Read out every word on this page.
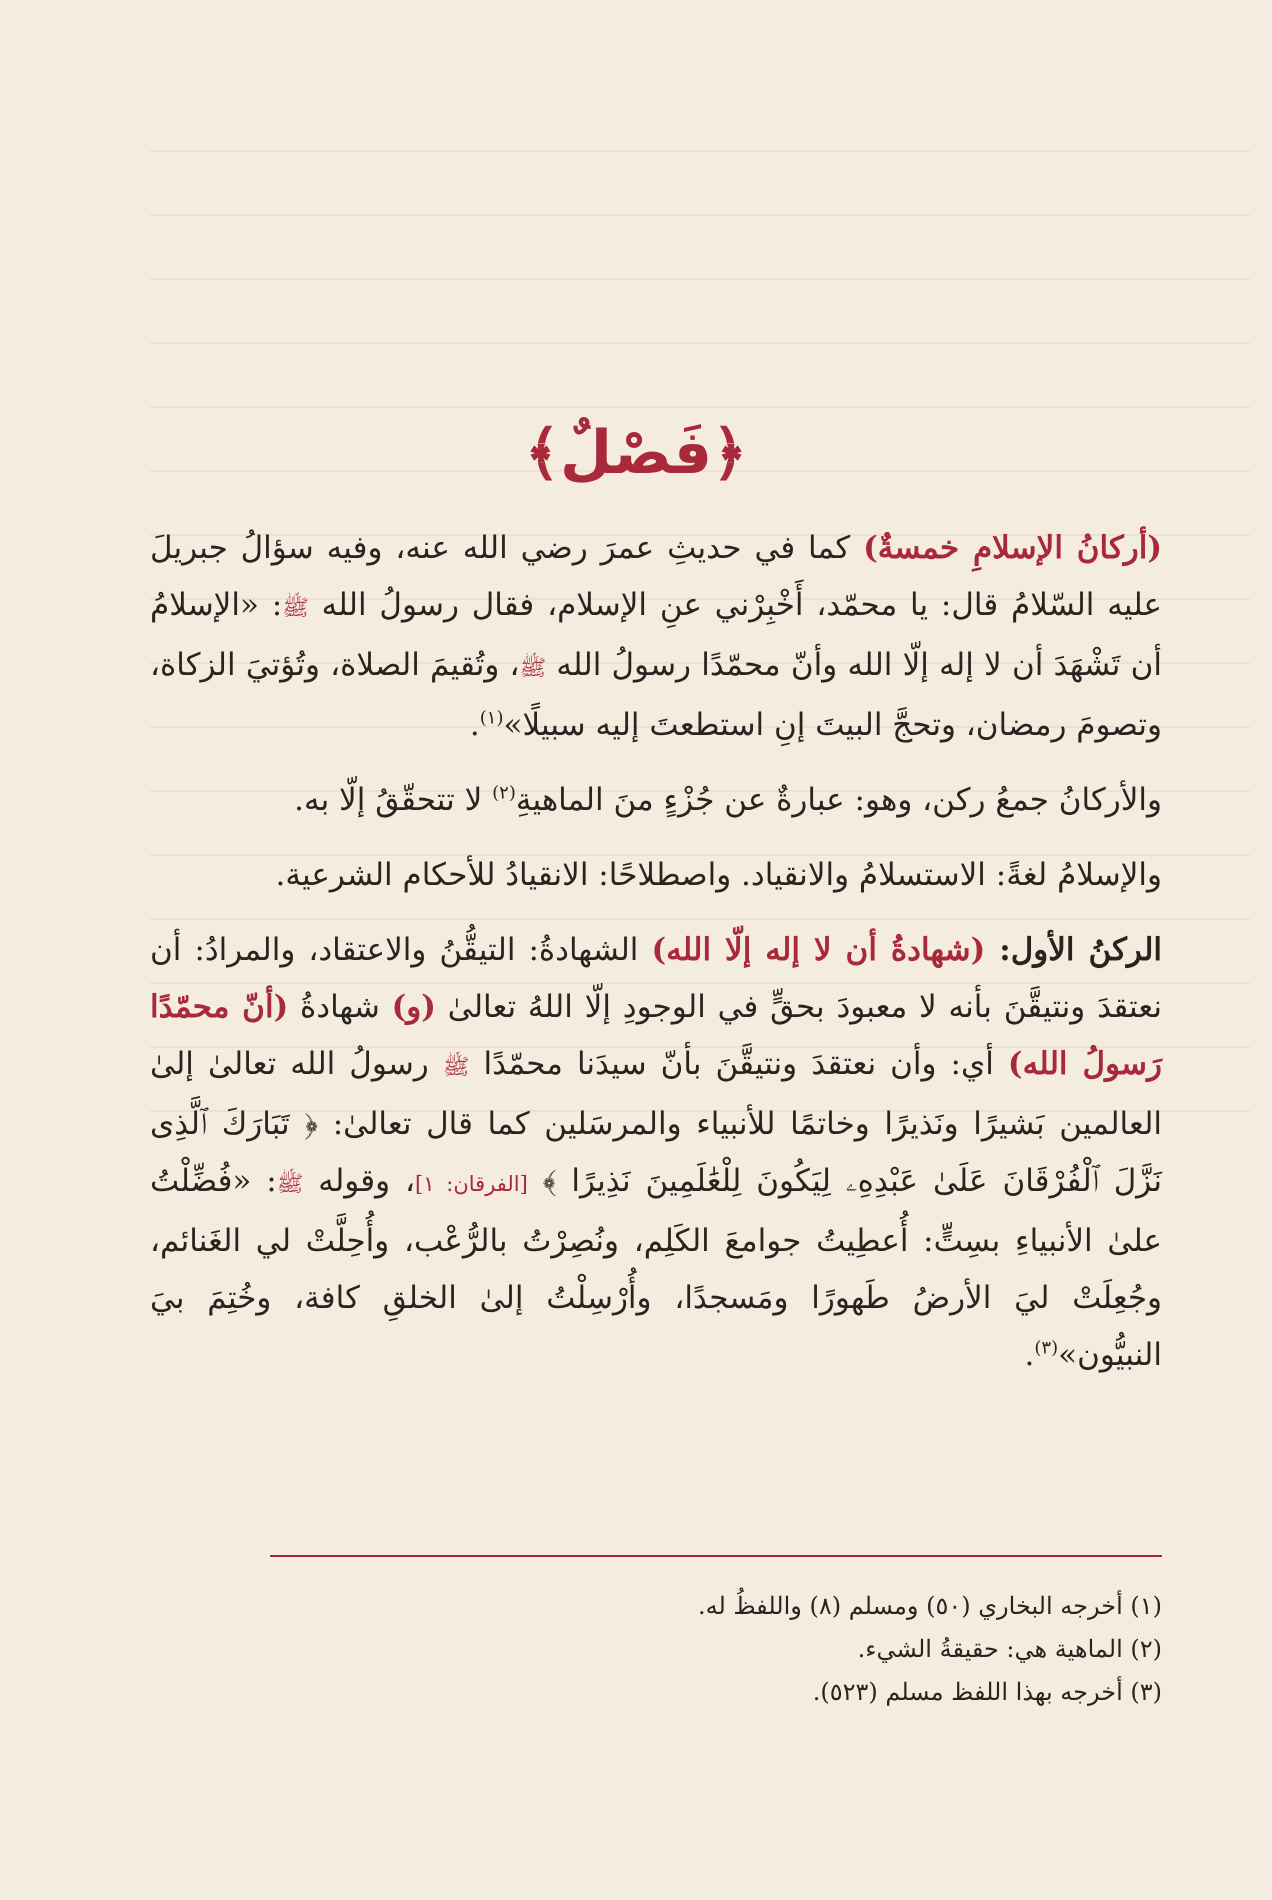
﴿فَصْلٌ﴾

(أركانُ الإسلامِ خمسةٌ) كما في حديثِ عمرَ رضي الله عنه، وفيه سؤالُ جبريلَ عليه السّلامُ قال: يا محمّد، أَخْبِرْني عنِ الإسلام، فقال رسولُ الله ﷺ: «الإسلامُ أن تَشْهَدَ أن لا إله إلّا الله وأنّ محمّدًا رسولُ الله ﷺ، وتُقيمَ الصلاة، وتُؤتيَ الزكاة، وتصومَ رمضان، وتحجَّ البيتَ إنِ استطعتَ إليه سبيلًا»$^{(١)}$.

والأركانُ جمعُ ركن، وهو: عبارةٌ عن جُزْءٍ منَ الماهيةِ$^{(٢)}$ لا تتحقّقُ إلّا به.

والإسلامُ لغةً: الاستسلامُ والانقياد. واصطلاحًا: الانقيادُ للأحكام الشرعية.

الركنُ الأول: (شهادةُ أن لا إله إلّا الله) الشهادةُ: التيقُّنُ والاعتقاد، والمرادُ: أن نعتقدَ ونتيقَّنَ بأنه لا معبودَ بحقٍّ في الوجودِ إلّا اللهُ تعالىٰ (و) شهادةُ (أنّ محمّدًا رَسولُ الله) أي: وأن نعتقدَ ونتيقَّنَ بأنّ سيدَنا محمّدًا ﷺ رسولُ الله تعالىٰ إلىٰ العالمين بَشيرًا ونَذيرًا وخاتمًا للأنبياء والمرسَلين كما قال تعالىٰ: ﴿ تَبَارَكَ ٱلَّذِى نَزَّلَ ٱلْفُرْقَانَ عَلَىٰ عَبْدِهِۦ لِيَكُونَ لِلْعَٰلَمِينَ نَذِيرًا ﴾ [الفرقان: ١]، وقوله ﷺ: «فُضِّلْتُ علىٰ الأنبياءِ بسِتٍّ: أُعطِيتُ جوامعَ الكَلِم، ونُصِرْتُ بالرُّعْب، وأُحِلَّتْ لي الغَنائم، وجُعِلَتْ ليَ الأرضُ طَهورًا ومَسجدًا، وأُرْسِلْتُ إلىٰ الخلقِ كافة، وخُتِمَ بيَ النبيُّون»$^{(٣)}$.

(١) أخرجه البخاري (٥٠) ومسلم (٨) واللفظُ له.
(٢) الماهية هي: حقيقةُ الشيء.
(٣) أخرجه بهذا اللفظ مسلم (٥٢٣).
